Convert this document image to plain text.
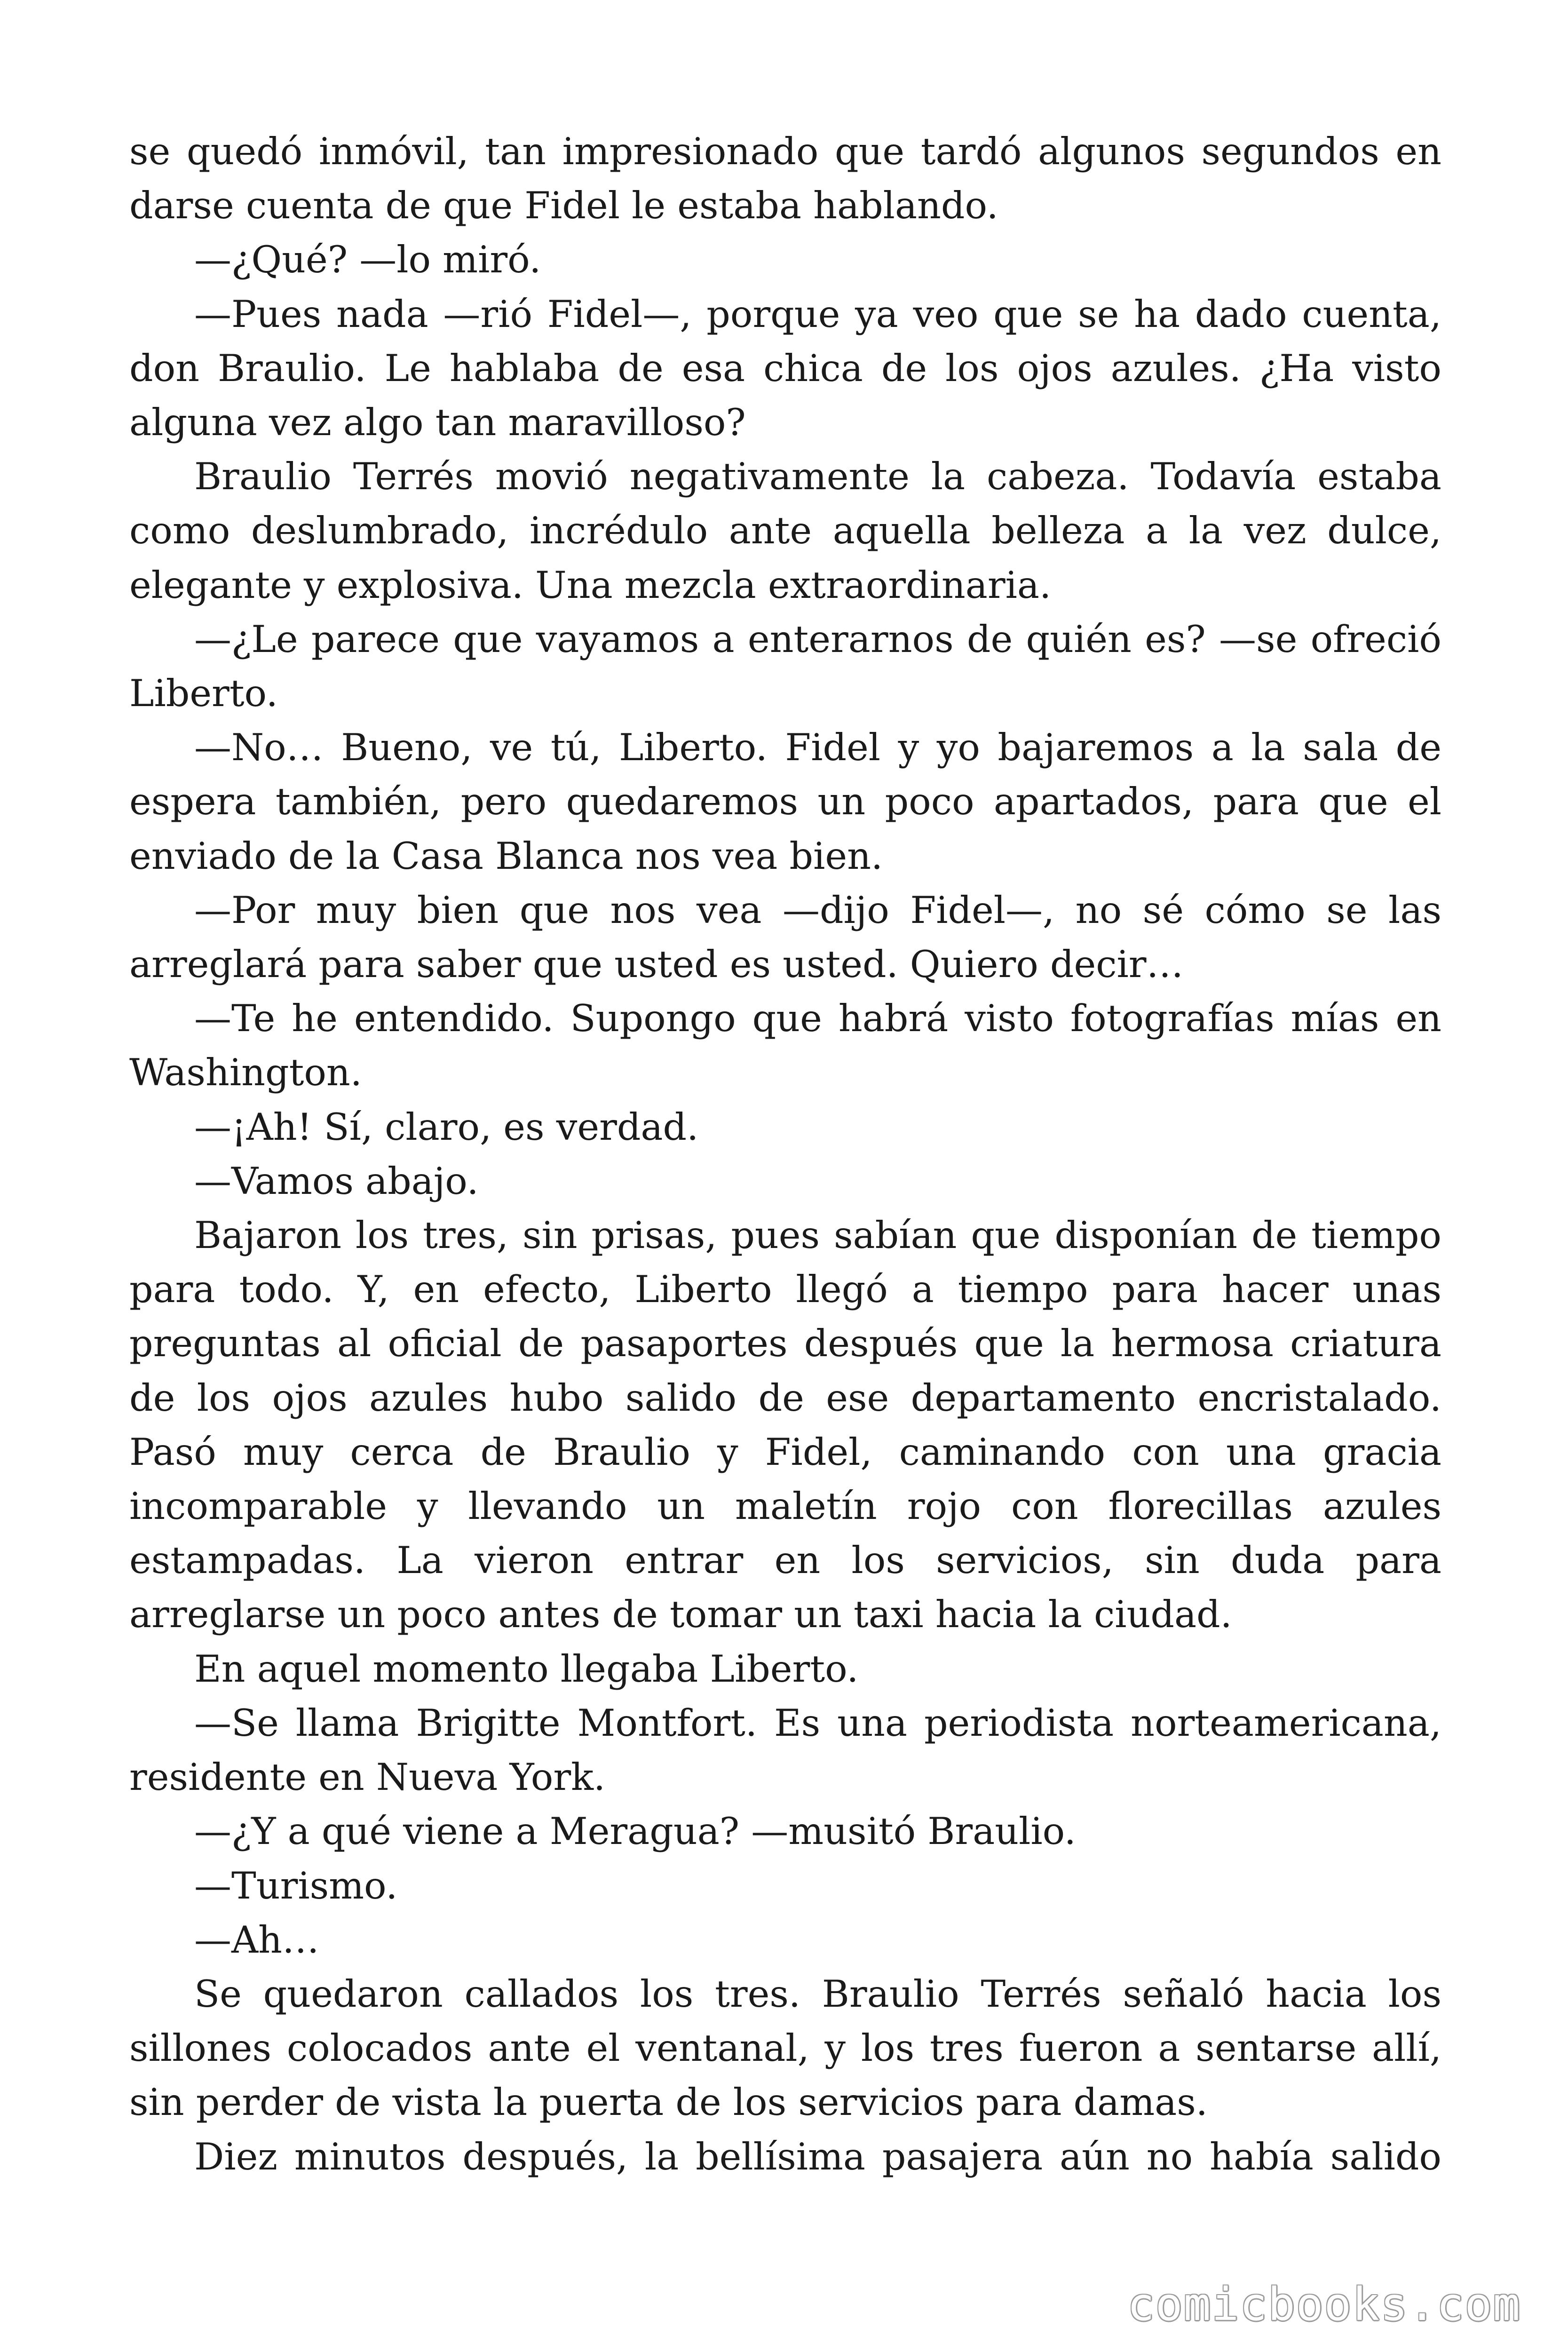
se quedó inmóvil, tan impresionado que tardó algunos segundos en darse cuenta de que Fidel le estaba hablando.

—¿Qué? —lo miró.

—Pues nada —rió Fidel—, porque ya veo que se ha dado cuenta, don Braulio. Le hablaba de esa chica de los ojos azules. ¿Ha visto alguna vez algo tan maravilloso?

Braulio Terrés movió negativamente la cabeza. Todavía estaba como deslumbrado, incrédulo ante aquella belleza a la vez dulce, elegante y explosiva. Una mezcla extraordinaria.

—¿Le parece que vayamos a enterarnos de quién es? —se ofreció Liberto.

—No… Bueno, ve tú, Liberto. Fidel y yo bajaremos a la sala de espera también, pero quedaremos un poco apartados, para que el enviado de la Casa Blanca nos vea bien.

—Por muy bien que nos vea —dijo Fidel—, no sé cómo se las arreglará para saber que usted es usted. Quiero decir…

—Te he entendido. Supongo que habrá visto fotografías mías en Washington.

—¡Ah! Sí, claro, es verdad.

—Vamos abajo.

Bajaron los tres, sin prisas, pues sabían que disponían de tiempo para todo. Y, en efecto, Liberto llegó a tiempo para hacer unas preguntas al oficial de pasaportes después que la hermosa criatura de los ojos azules hubo salido de ese departamento encristalado. Pasó muy cerca de Braulio y Fidel, caminando con una gracia incomparable y llevando un maletín rojo con florecillas azules estampadas. La vieron entrar en los servicios, sin duda para arreglarse un poco antes de tomar un taxi hacia la ciudad.

En aquel momento llegaba Liberto.

—Se llama Brigitte Montfort. Es una periodista norteamericana, residente en Nueva York.

—¿Y a qué viene a Meragua? —musitó Braulio.

—Turismo.

—Ah…

Se quedaron callados los tres. Braulio Terrés señaló hacia los sillones colocados ante el ventanal, y los tres fueron a sentarse allí, sin perder de vista la puerta de los servicios para damas.

Diez minutos después, la bellísima pasajera aún no había salido

comicbooks.com
